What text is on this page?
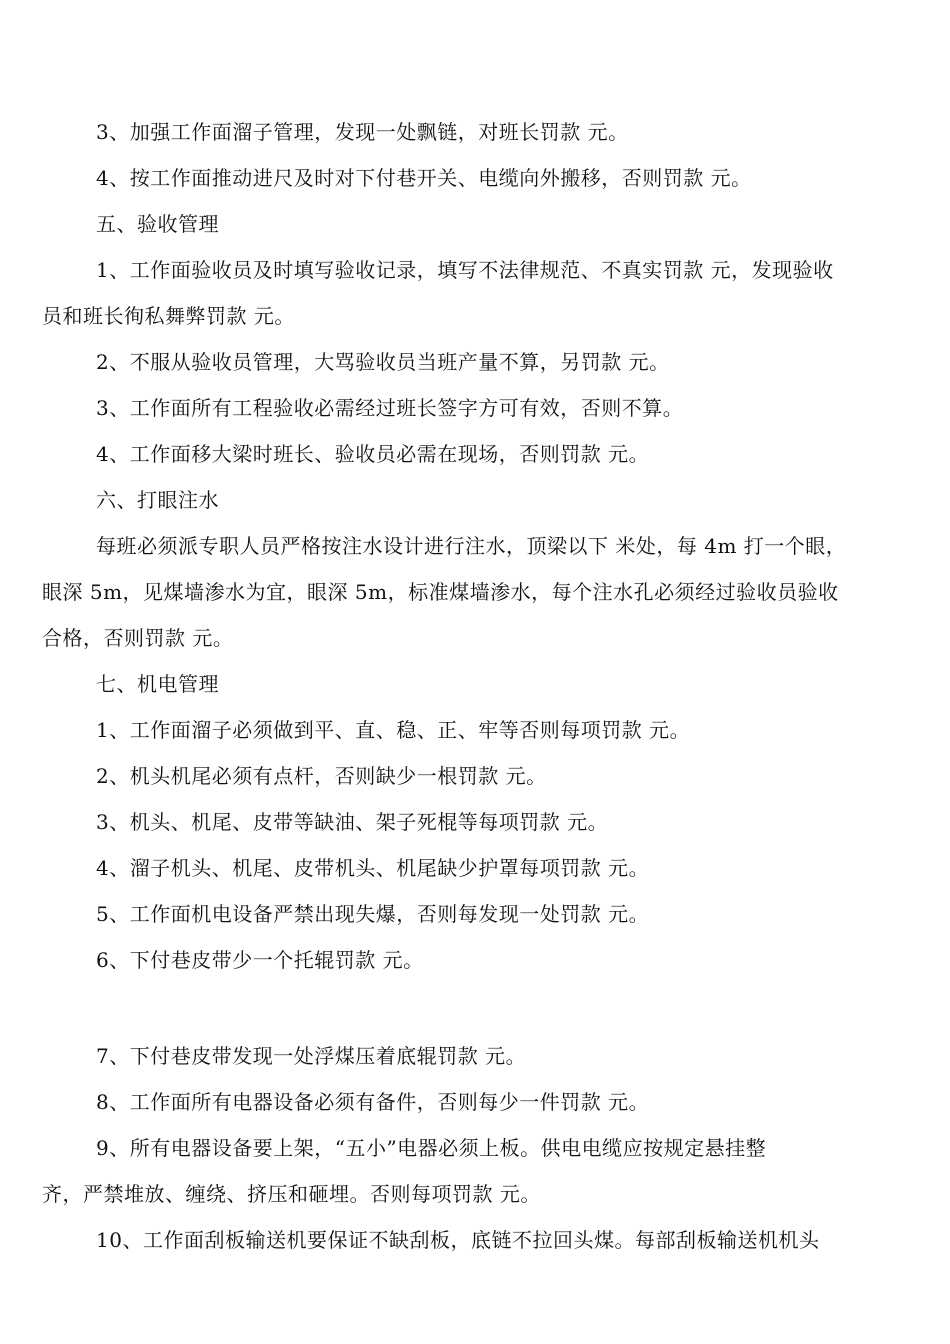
3、加强工作面溜子管理，发现一处飘链，对班长罚款 元。
4、按工作面推动进尺及时对下付巷开关、电缆向外搬移，否则罚款 元。
五、验收管理
1、工作面验收员及时填写验收记录，填写不法律规范、不真实罚款 元，发现验收
员和班长徇私舞弊罚款 元。
2、不服从验收员管理，大骂验收员当班产量不算，另罚款 元。
3、工作面所有工程验收必需经过班长签字方可有效，否则不算。
4、工作面移大梁时班长、验收员必需在现场，否则罚款 元。
六、打眼注水
每班必须派专职人员严格按注水设计进行注水，顶梁以下 米处，每 4m 打一个眼，
眼深 5m，见煤墙渗水为宜，眼深 5m，标准煤墙渗水，每个注水孔必须经过验收员验收
合格，否则罚款 元。
七、机电管理
1、工作面溜子必须做到平、直、稳、正、牢等否则每项罚款 元。
2、机头机尾必须有点杆，否则缺少一根罚款 元。
3、机头、机尾、皮带等缺油、架子死棍等每项罚款 元。
4、溜子机头、机尾、皮带机头、机尾缺少护罩每项罚款 元。
5、工作面机电设备严禁出现失爆，否则每发现一处罚款 元。
6、下付巷皮带少一个托辊罚款 元。
7、下付巷皮带发现一处浮煤压着底辊罚款 元。
8、工作面所有电器设备必须有备件，否则每少一件罚款 元。
9、所有电器设备要上架，“五小”电器必须上板。供电电缆应按规定悬挂整
齐，严禁堆放、缠绕、挤压和砸埋。否则每项罚款 元。
10、工作面刮板输送机要保证不缺刮板，底链不拉回头煤。每部刮板输送机机头
